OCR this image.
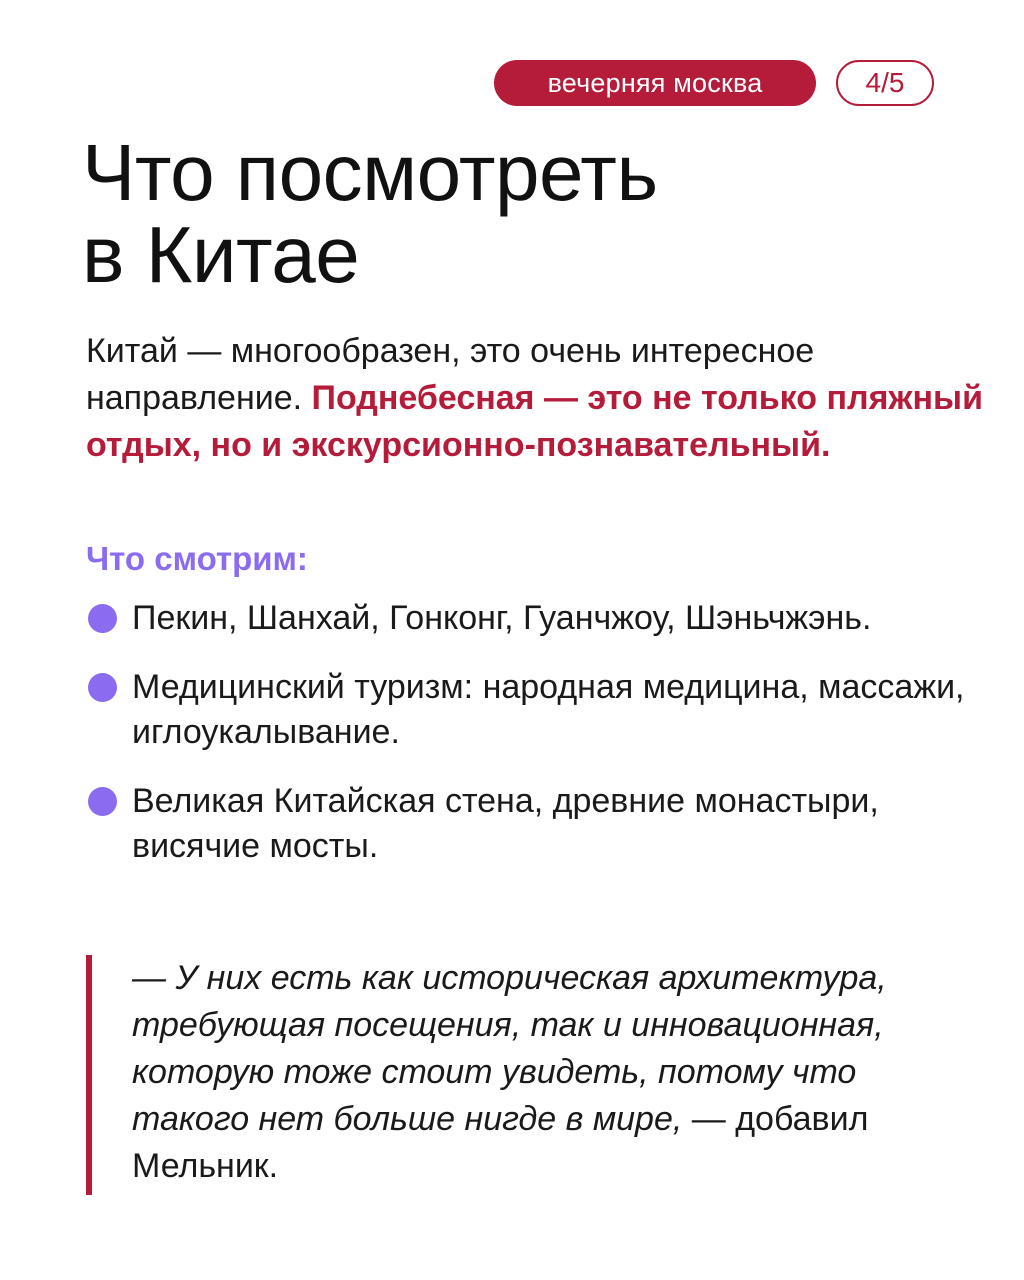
вечерняя москва	4/5
Что посмотреть
в Китае

Китай — многообразен, это очень интересное направление. Поднебесная — это не только пляжный отдых, но и экскурсионно-познавательный.

Что смотрим:
Пекин, Шанхай, Гонконг, Гуанчжоу, Шэньчжэнь.
Медицинский туризм: народная медицина, массажи, иглоукалывание.
Великая Китайская стена, древние монастыри, висячие мосты.

— У них есть как историческая архитектура, требующая посещения, так и инновационная, которую тоже стоит увидеть, потому что такого нет больше нигде в мире, — добавил Мельник.
